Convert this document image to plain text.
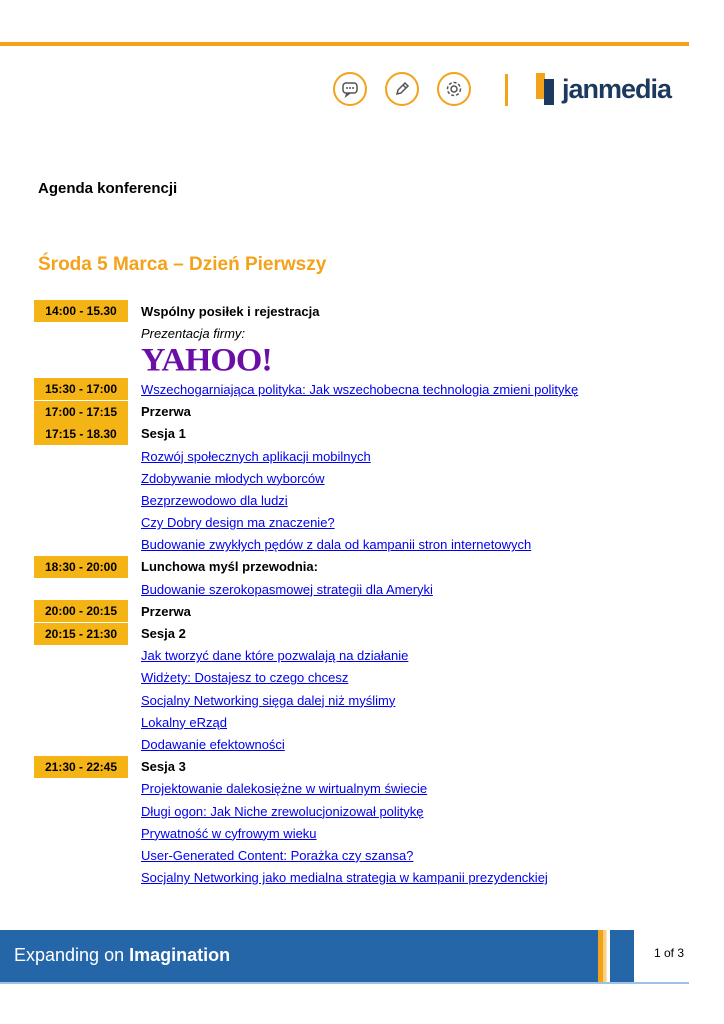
janmedia
Agenda konferencji
Środa 5 Marca – Dzień Pierwszy
14:00 - 15.30	Wspólny posiłek i rejestracja
Prezentacja firmy:
YAHOO!
15:30 - 17:00	Wszechogarniająca polityka: Jak wszechobecna technologia zmieni politykę
17:00 - 17:15	Przerwa
17:15 - 18.30	Sesja 1
Rozwój społecznych aplikacji mobilnych
Zdobywanie młodych wyborców
Bezprzewodowo dla ludzi
Czy Dobry design ma znaczenie?
Budowanie zwykłych pędów z dala od kampanii stron internetowych
18:30 - 20:00	Lunchowa myśl przewodnia:
Budowanie szerokopasmowej strategii dla Ameryki
20:00 - 20:15	Przerwa
20:15 - 21:30	Sesja 2
Jak tworzyć dane które pozwalają na działanie
Widżety: Dostajesz to czego chcesz
Socjalny Networking sięga dalej niż myślimy
Lokalny eRząd
Dodawanie efektowności
21:30 - 22:45	Sesja 3
Projektowanie dalekosiężne w wirtualnym świecie
Długi ogon: Jak Niche zrewolucjonizował politykę
Prywatność w cyfrowym wieku
User-Generated Content: Porażka czy szansa?
Socjalny Networking jako medialna strategia w kampanii prezydenckiej
Expanding on Imagination	1 of 3
